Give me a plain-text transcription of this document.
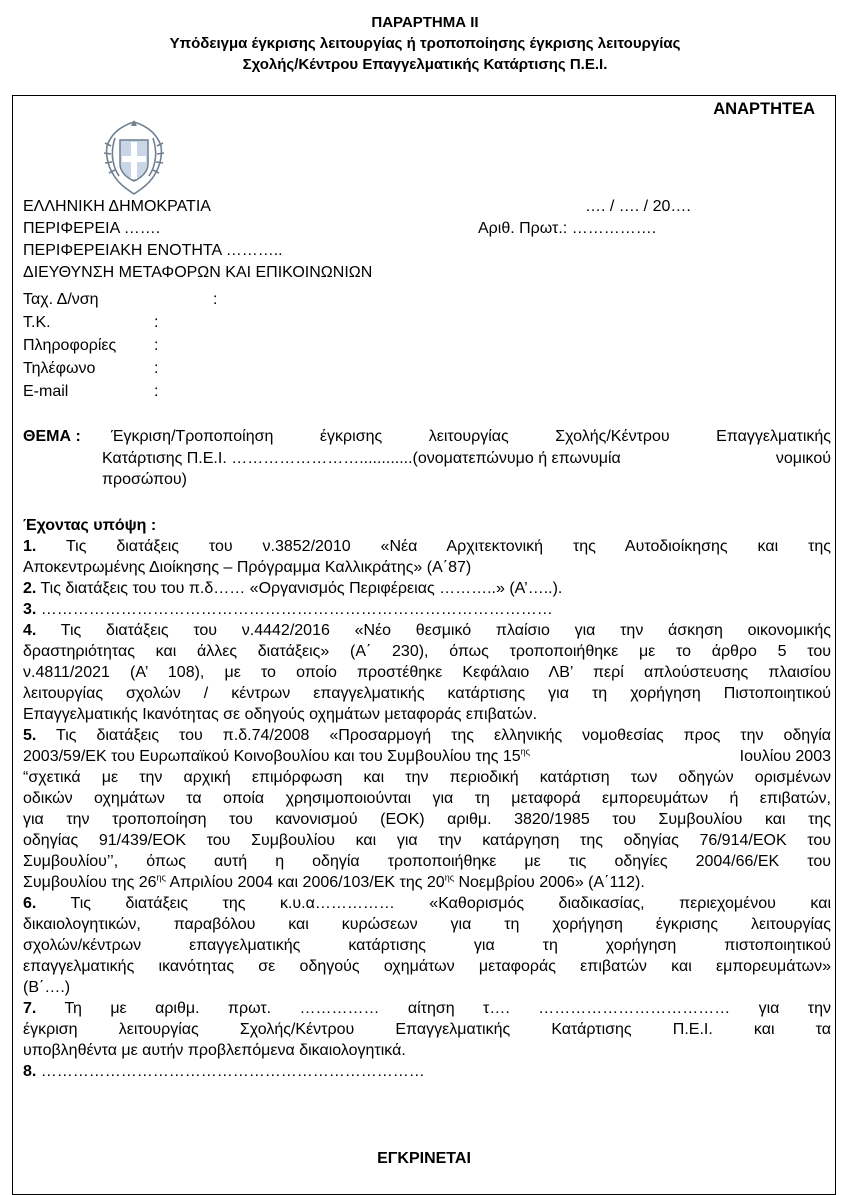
ΠΑΡΑΡΤΗΜΑ ΙΙ
Υπόδειγμα έγκρισης λειτουργίας ή τροποποίησης έγκρισης λειτουργίας
Σχολής/Κέντρου Επαγγελματικής Κατάρτισης Π.Ε.Ι.
ΑΝΑΡΤΗΤΕΑ
ΕΛΛΗΝΙΚΗ ΔΗΜΟΚΡΑΤΙΑ
ΠΕΡΙΦΕΡΕΙΑ …….
ΠΕΡΙΦΕΡΕΙΑΚΗ ΕΝΟΤΗΤΑ ………..
ΔΙΕΥΘΥΝΣΗ ΜΕΤΑΦΟΡΩΝ ΚΑΙ ΕΠΙΚΟΙΝΩΝΙΩΝ
…. / …. / 20….
Αριθ. Πρωτ.: …………….
Ταχ. Δ/νση	:
Τ.Κ.	:
Πληροφορίες :
Τηλέφωνο	:
E-mail	:
ΘΕΜΑ : Έγκριση/Τροποποίηση έγκρισης λειτουργίας Σχολής/Κέντρου Επαγγελματικής
Κατάρτισης Π.Ε.Ι. ……………………............(ονοματεπώνυμο ή επωνυμία	νομικού
προσώπου)
Έχοντας υπόψη :
1. Τις διατάξεις του ν.3852/2010 «Νέα Αρχιτεκτονική της Αυτοδιοίκησης και της
Αποκεντρωμένης Διοίκησης – Πρόγραμμα Καλλικράτης» (Α΄87)
2. Τις διατάξεις του του π.δ…… «Οργανισμός Περιφέρειας ………..» (Α’…..).
3. ……………………………………………………………………………………
4. Τις διατάξεις του ν.4442/2016 «Νέο θεσμικό πλαίσιο για την άσκηση οικονομικής
δραστηριότητας και άλλες διατάξεις» (Α΄ 230), όπως τροποποιήθηκε με το άρθρο 5 του
ν.4811/2021 (Α’ 108), με το οποίο προστέθηκε Κεφάλαιο ΛΒ’ περί απλούστευσης πλαισίου
λειτουργίας σχολών / κέντρων επαγγελματικής κατάρτισης για τη χορήγηση Πιστοποιητικού
Επαγγελματικής Ικανότητας σε οδηγούς οχημάτων μεταφοράς επιβατών.
5. Τις διατάξεις του π.δ.74/2008 «Προσαρμογή της ελληνικής νομοθεσίας προς την οδηγία
2003/59/ΕΚ του Ευρωπαϊκού Κοινοβουλίου και του Συμβουλίου της $15^{\eta\varsigma}$	Ιουλίου 2003
“σχετικά με την αρχική επιμόρφωση και την περιοδική κατάρτιση των οδηγών ορισμένων
οδικών οχημάτων τα οποία χρησιμοποιούνται για τη μεταφορά εμπορευμάτων ή επιβατών,
για την τροποποίηση του κανονισμού (ΕΟΚ) αριθμ. 3820/1985 του Συμβουλίου και της
οδηγίας 91/439/ΕΟΚ του Συμβουλίου και για την κατάργηση της οδηγίας 76/914/ΕΟΚ του
Συμβουλίου’’, όπως αυτή η οδηγία τροποποιήθηκε με τις οδηγίες 2004/66/ΕΚ του
Συμβουλίου της $26^{\eta\varsigma}$ Απριλίου 2004 και 2006/103/ΕΚ της $20^{\eta\varsigma}$ Νοεμβρίου 2006» (Α΄112).
6. Τις διατάξεις της κ.υ.α…………… «Καθορισμός διαδικασίας, περιεχομένου και
δικαιολογητικών, παραβόλου και κυρώσεων για τη χορήγηση έγκρισης λειτουργίας
σχολών/κέντρων επαγγελματικής κατάρτισης για τη χορήγηση πιστοποιητικού
επαγγελματικής ικανότητας σε οδηγούς οχημάτων μεταφοράς επιβατών και εμπορευμάτων»
(Β΄….)
7. Τη με αριθμ. πρωτ. …………… αίτηση τ…. ……………………………… για την
έγκριση λειτουργίας Σχολής/Κέντρου Επαγγελματικής Κατάρτισης Π.Ε.Ι. και τα
υποβληθέντα με αυτήν προβλεπόμενα δικαιολογητικά.
8. ………………………………………………………………
ΕΓΚΡΙΝΕΤΑΙ
